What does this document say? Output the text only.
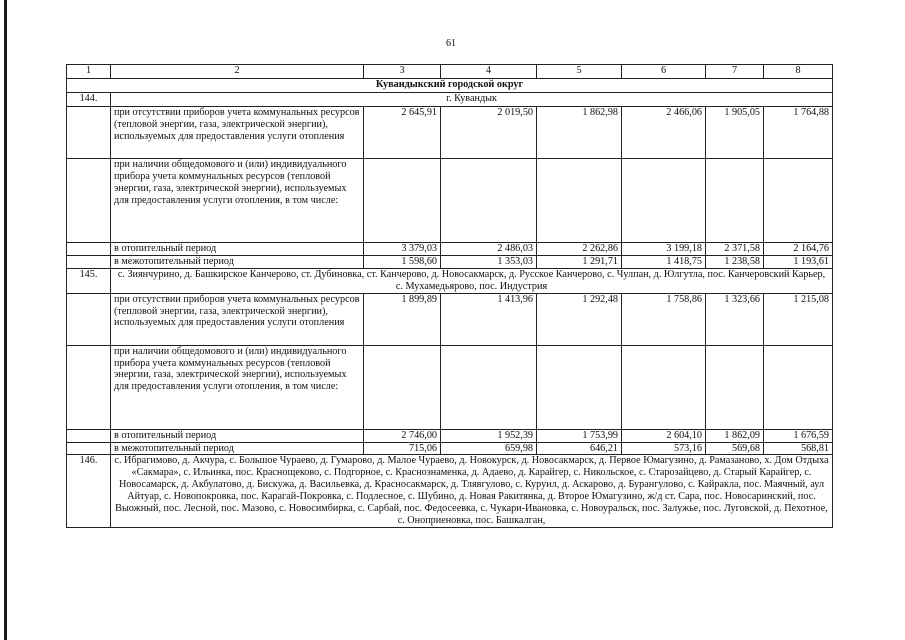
61
1	2	3	4	5	6	7	8
Кувандыкский городской округ							
144.	г. Кувандык						
	при отсутствии приборов учета коммунальных ресурсов (тепловой энергии, газа, электрической энергии), используемых для предоставления услуги отопления	2 645,91	2 019,50	1 862,98	2 466,06	1 905,05	1 764,88
	при наличии общедомового и (или) индивидуального прибора учета коммунальных ресурсов (тепловой энергии, газа, электрической энергии), используемых для предоставления услуги отопления, в том числе:						
	в отопительный период	3 379,03	2 486,03	2 262,86	3 199,18	2 371,58	2 164,76
	в межотопительный период	1 598,60	1 353,03	1 291,71	1 418,75	1 238,58	1 193,61
145.	с. Зиянчурино, д. Башкирское Канчерово, ст. Дубиновка, ст. Канчерово, д. Новосакмарск, д. Русское Канчерово, с. Чулпан, д. Юлгутла, пос. Канчеровский Карьер, с. Мухамедьярово, пос. Индустрия						
	при отсутствии приборов учета коммунальных ресурсов (тепловой энергии, газа, электрической энергии), используемых для предоставления услуги отопления	1 899,89	1 413,96	1 292,48	1 758,86	1 323,66	1 215,08
	при наличии общедомового и (или) индивидуального прибора учета коммунальных ресурсов (тепловой энергии, газа, электрической энергии), используемых для предоставления услуги отопления, в том числе:						
	в отопительный период	2 746,00	1 952,39	1 753,99	2 604,10	1 862,09	1 676,59
	в межотопительный период	715,06	659,98	646,21	573,16	569,68	568,81
146.	с. Ибрагимово, д. Акчура, с. Большое Чураево, д. Гумарово, д. Малое Чураево, д. Новокурск, д. Новосакмарск, д. Первое Юмагузино, д. Рамазаново, х. Дом Отдыха «Сакмара», с. Ильинка, пос. Краснощеково, с. Подгорное, с. Краснознаменка, д. Адаево, д. Карайгер, с. Никольское, с. Старозайцево, д. Старый Карайгер, с. Новосамарск, д. Акбулатово, д. Бискужа, д. Васильевка, д. Красносакмарск, д. Тлявгулово, с. Куруил, д. Аскарово, д. Бурангулово, с. Кайракла, пос. Маячный, аул Айтуар, с. Новопокровка, пос. Карагай-Покровка, с. Подлесное, с. Шубино, д. Новая Ракитянка, д. Второе Юмагузино, ж/д ст. Сара, пос. Новосаринский, пос. Выожный, пос. Лесной, пос. Мазово, с. Новосимбирка, с. Сарбай, пос. Федосеевка, с. Чукари-Ивановка, с. Новоуральск, пос. Залужье, пос. Луговской, д. Пехотное, с. Оноприеновка, пос. Башкалган,						
